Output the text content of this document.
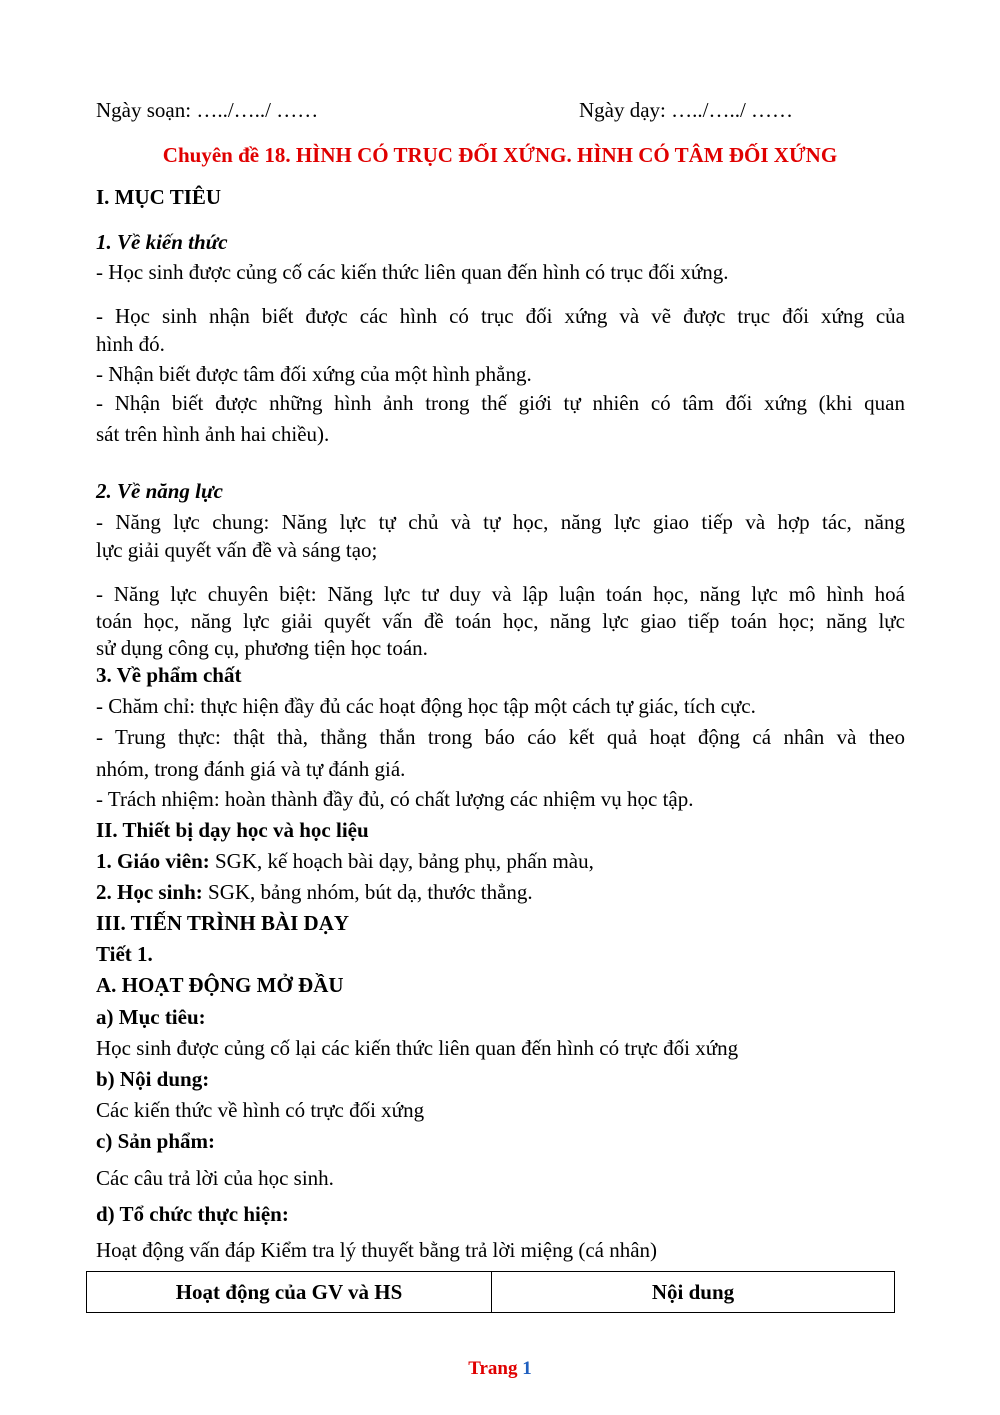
Ngày soạn: …../…../ ……	Ngày dạy: …../…../ ……
Chuyên đề 18. HÌNH CÓ TRỤC ĐỐI XỨNG. HÌNH CÓ TÂM ĐỐI XỨNG
I. MỤC TIÊU
1. Về kiến thức
- Học sinh được củng cố các kiến thức liên quan đến hình có trục đối xứng.
- Học sinh nhận biết được các hình có trục đối xứng và vẽ được trục đối xứng của
hình đó.
- Nhận biết được tâm đối xứng của một hình phẳng.
- Nhận biết được những hình ảnh trong thế giới tự nhiên có tâm đối xứng (khi quan
sát trên hình ảnh hai chiều).
2. Về năng lực
- Năng lực chung: Năng lực tự chủ và tự học, năng lực giao tiếp và hợp tác, năng
lực giải quyết vấn đề và sáng tạo;
- Năng lực chuyên biệt: Năng lực tư duy và lập luận toán học, năng lực mô hình hoá
toán học, năng lực giải quyết vấn đề toán học, năng lực giao tiếp toán học; năng lực
sử dụng công cụ, phương tiện học toán.
3. Về phẩm chất
- Chăm chỉ: thực hiện đầy đủ các hoạt động học tập một cách tự giác, tích cực.
- Trung thực: thật thà, thẳng thắn trong báo cáo kết quả hoạt động cá nhân và theo
nhóm, trong đánh giá và tự đánh giá.
- Trách nhiệm: hoàn thành đầy đủ, có chất lượng các nhiệm vụ học tập.
II. Thiết bị dạy học và học liệu
1. Giáo viên: SGK, kế hoạch bài dạy, bảng phụ, phấn màu,
2. Học sinh: SGK, bảng nhóm, bút dạ, thước thẳng.
III. TIẾN TRÌNH BÀI DẠY
Tiết 1.
A. HOẠT ĐỘNG MỞ ĐẦU
a) Mục tiêu:
Học sinh được củng cố lại các kiến thức liên quan đến hình có trực đối xứng
b) Nội dung:
Các kiến thức về hình có trực đối xứng
c) Sản phẩm:
Các câu trả lời của học sinh.
d) Tổ chức thực hiện:
Hoạt động vấn đáp Kiểm tra lý thuyết bằng trả lời miệng (cá nhân)
Hoạt động của GV và HS	Nội dung
Trang 1
